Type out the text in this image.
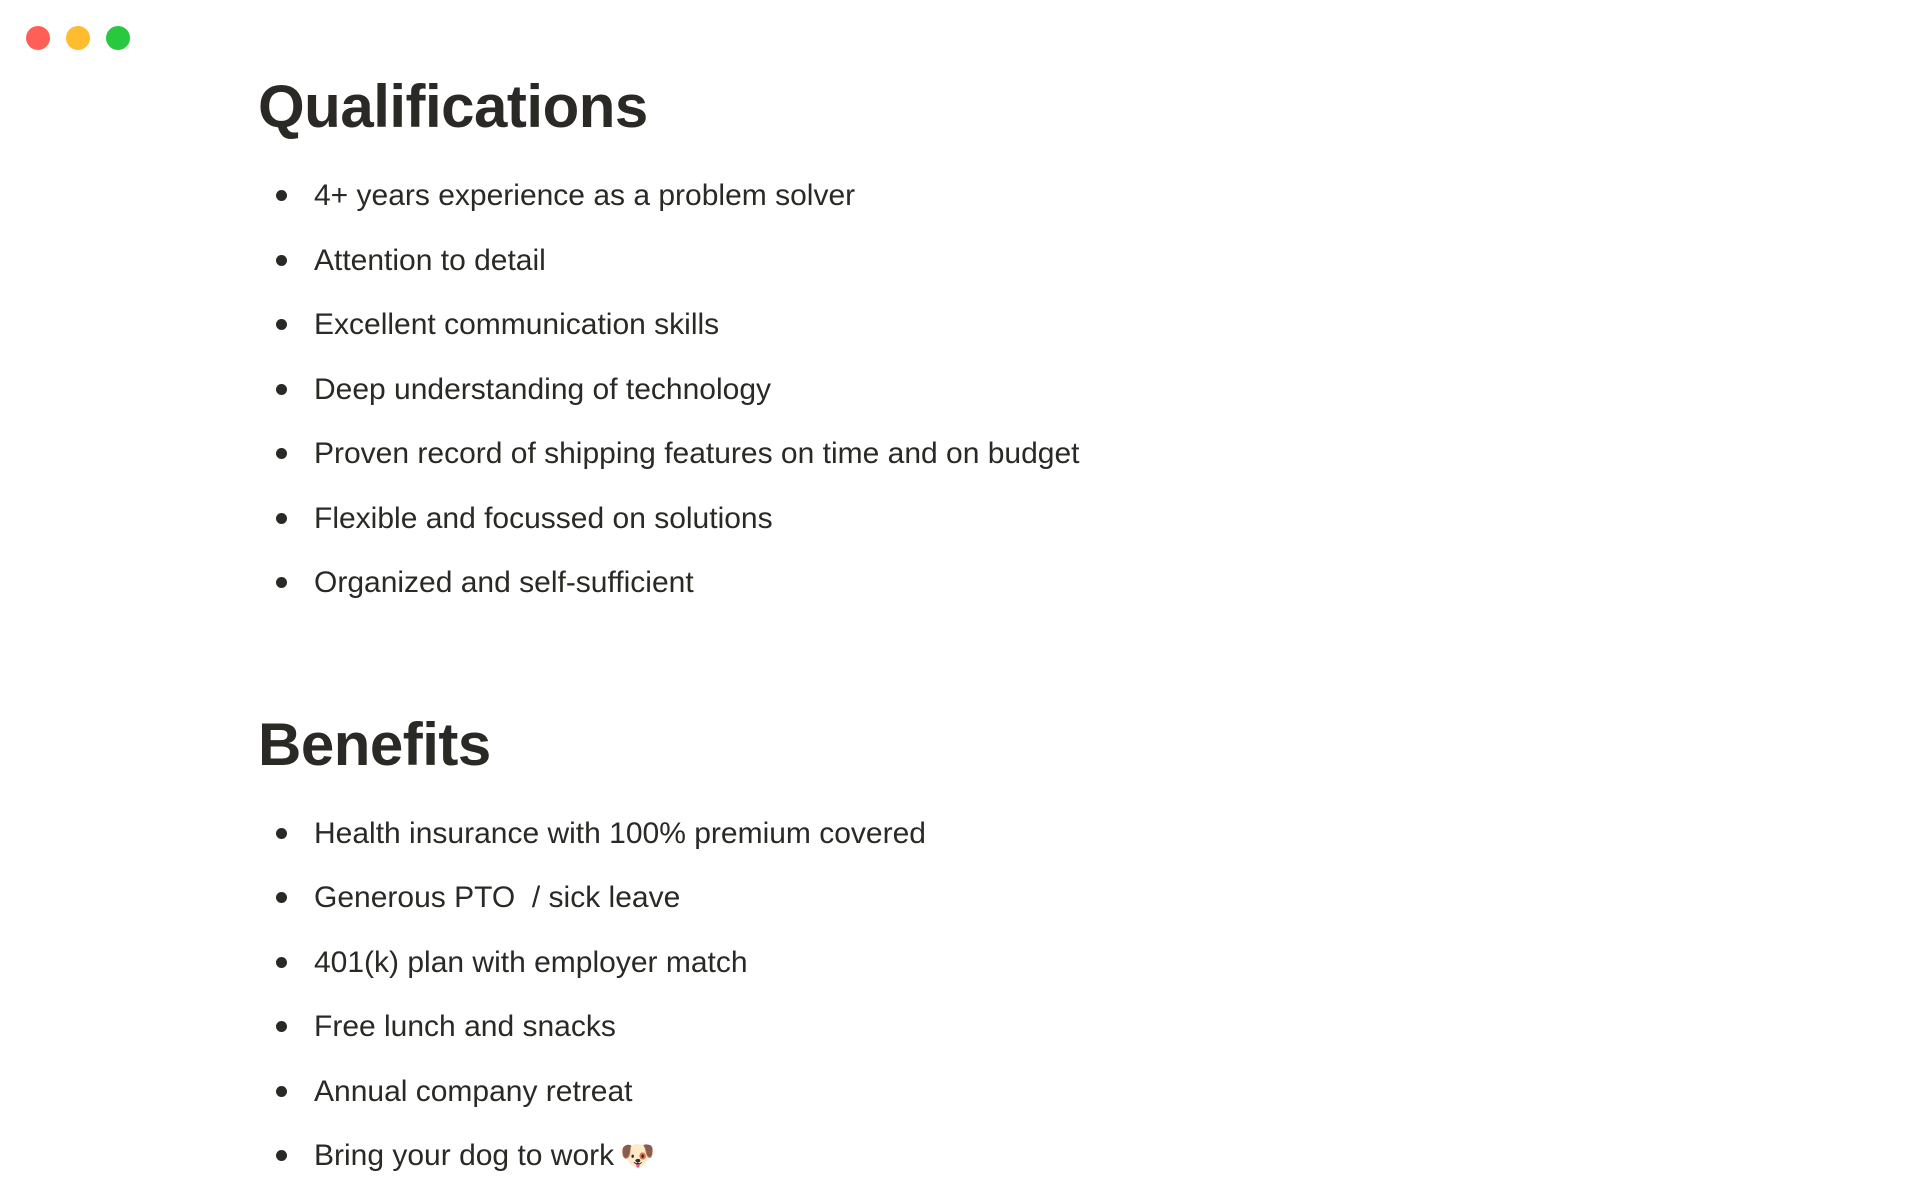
Qualifications
4+ years experience as a problem solver
Attention to detail
Excellent communication skills
Deep understanding of technology
Proven record of shipping features on time and on budget
Flexible and focussed on solutions
Organized and self-sufficient
Benefits
Health insurance with 100% premium covered
Generous PTO  / sick leave
401(k) plan with employer match
Free lunch and snacks
Annual company retreat
Bring your dog to work 🐶
